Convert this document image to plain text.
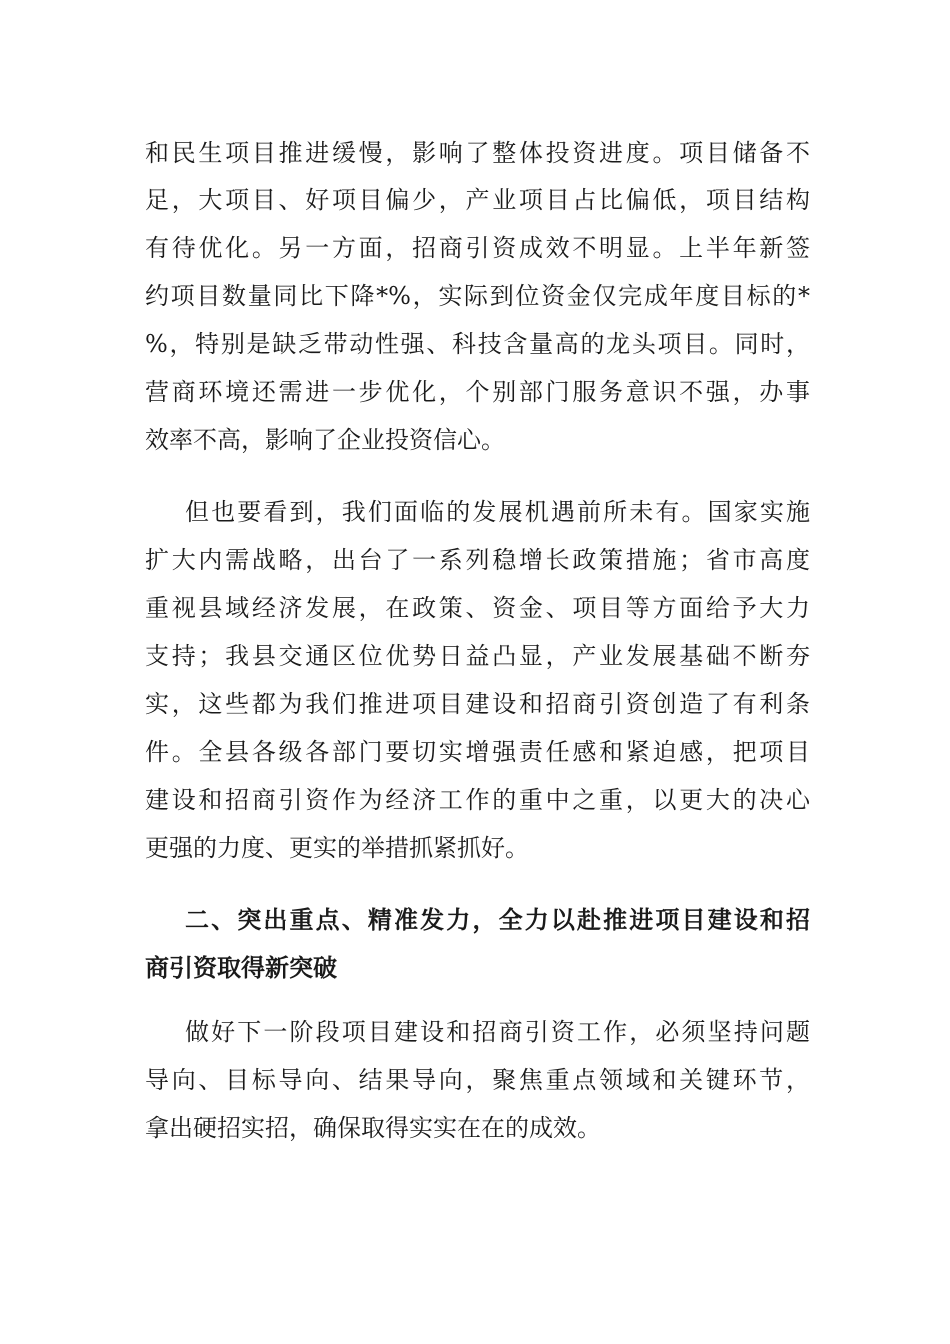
和民生项目推进缓慢，影响了整体投资进度。项目储备不
足，大项目、好项目偏少，产业项目占比偏低，项目结构
有待优化。另一方面，招商引资成效不明显。上半年新签
约项目数量同比下降*%，实际到位资金仅完成年度目标的*
%，特别是缺乏带动性强、科技含量高的龙头项目。同时，
营商环境还需进一步优化，个别部门服务意识不强，办事
效率不高，影响了企业投资信心。
但也要看到，我们面临的发展机遇前所未有。国家实施
扩大内需战略，出台了一系列稳增长政策措施；省市高度
重视县域经济发展，在政策、资金、项目等方面给予大力
支持；我县交通区位优势日益凸显，产业发展基础不断夯
实，这些都为我们推进项目建设和招商引资创造了有利条
件。全县各级各部门要切实增强责任感和紧迫感，把项目
建设和招商引资作为经济工作的重中之重，以更大的决心
更强的力度、更实的举措抓紧抓好。
二、突出重点、精准发力，全力以赴推进项目建设和招
商引资取得新突破
做好下一阶段项目建设和招商引资工作，必须坚持问题
导向、目标导向、结果导向，聚焦重点领域和关键环节，
拿出硬招实招，确保取得实实在在的成效。
